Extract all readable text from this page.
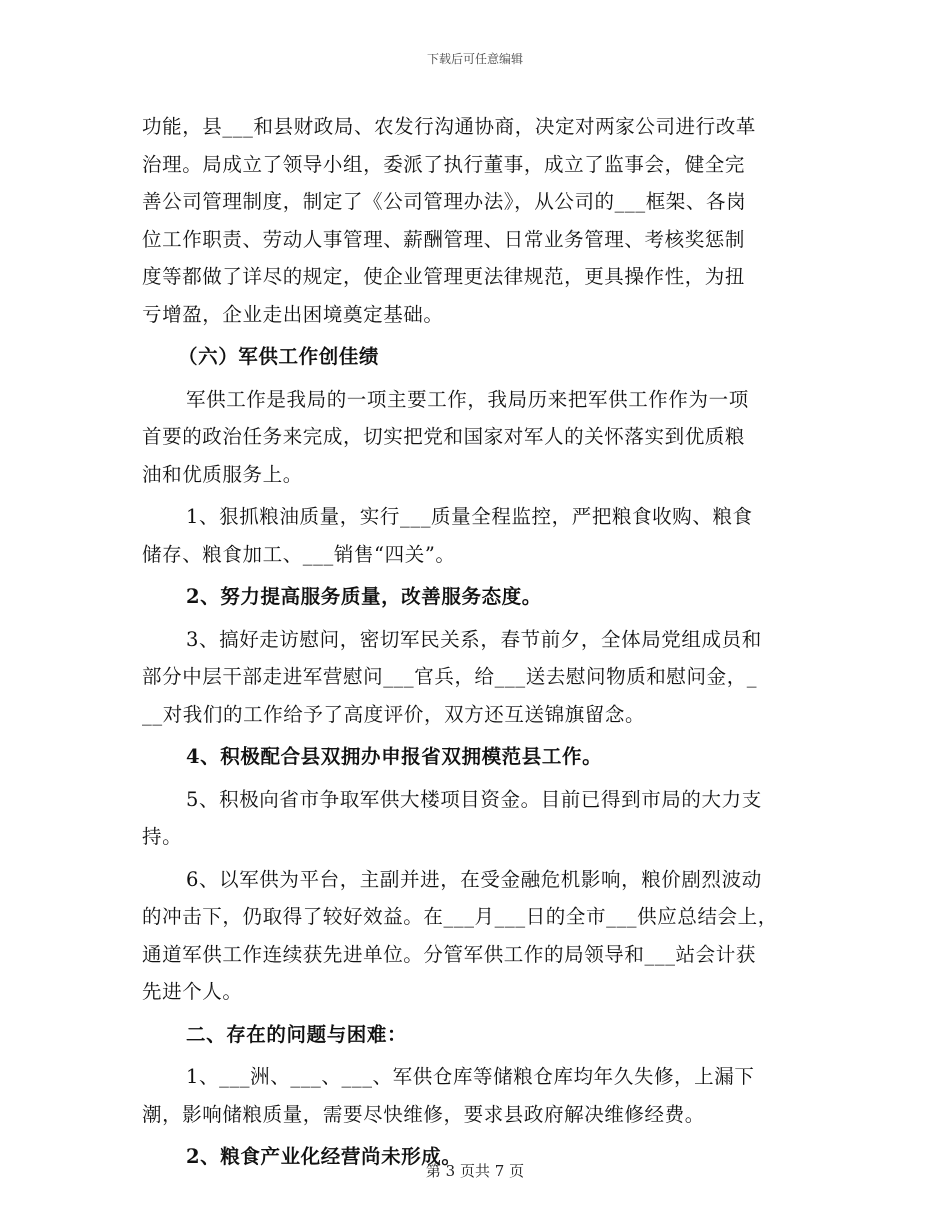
下载后可任意编辑
功能，县___和县财政局、农发行沟通协商，决定对两家公司进行改革
治理。局成立了领导小组，委派了执行董事，成立了监事会，健全完
善公司管理制度，制定了《公司管理办法》，从公司的___框架、各岗
位工作职责、劳动人事管理、薪酬管理、日常业务管理、考核奖惩制
度等都做了详尽的规定，使企业管理更法律规范，更具操作性，为扭
亏增盈，企业走出困境奠定基础。
（六）军供工作创佳绩
军供工作是我局的一项主要工作，我局历来把军供工作作为一项
首要的政治任务来完成，切实把党和国家对军人的关怀落实到优质粮
油和优质服务上。
1、狠抓粮油质量，实行___质量全程监控，严把粮食收购、粮食
储存、粮食加工、___销售“四关”。
2、努力提高服务质量，改善服务态度。
3、搞好走访慰问，密切军民关系，春节前夕，全体局党组成员和
部分中层干部走进军营慰问___官兵，给___送去慰问物质和慰问金，_
__对我们的工作给予了高度评价，双方还互送锦旗留念。
4、积极配合县双拥办申报省双拥模范县工作。
5、积极向省市争取军供大楼项目资金。目前已得到市局的大力支
持。
6、以军供为平台，主副并进，在受金融危机影响，粮价剧烈波动
的冲击下，仍取得了较好效益。在___月___日的全市___供应总结会上，
通道军供工作连续获先进单位。分管军供工作的局领导和___站会计获
先进个人。
二、存在的问题与困难：
1、___洲、___、___、军供仓库等储粮仓库均年久失修，上漏下
潮，影响储粮质量，需要尽快维修，要求县政府解决维修经费。
2、粮食产业化经营尚未形成。
第 3 页共 7 页
